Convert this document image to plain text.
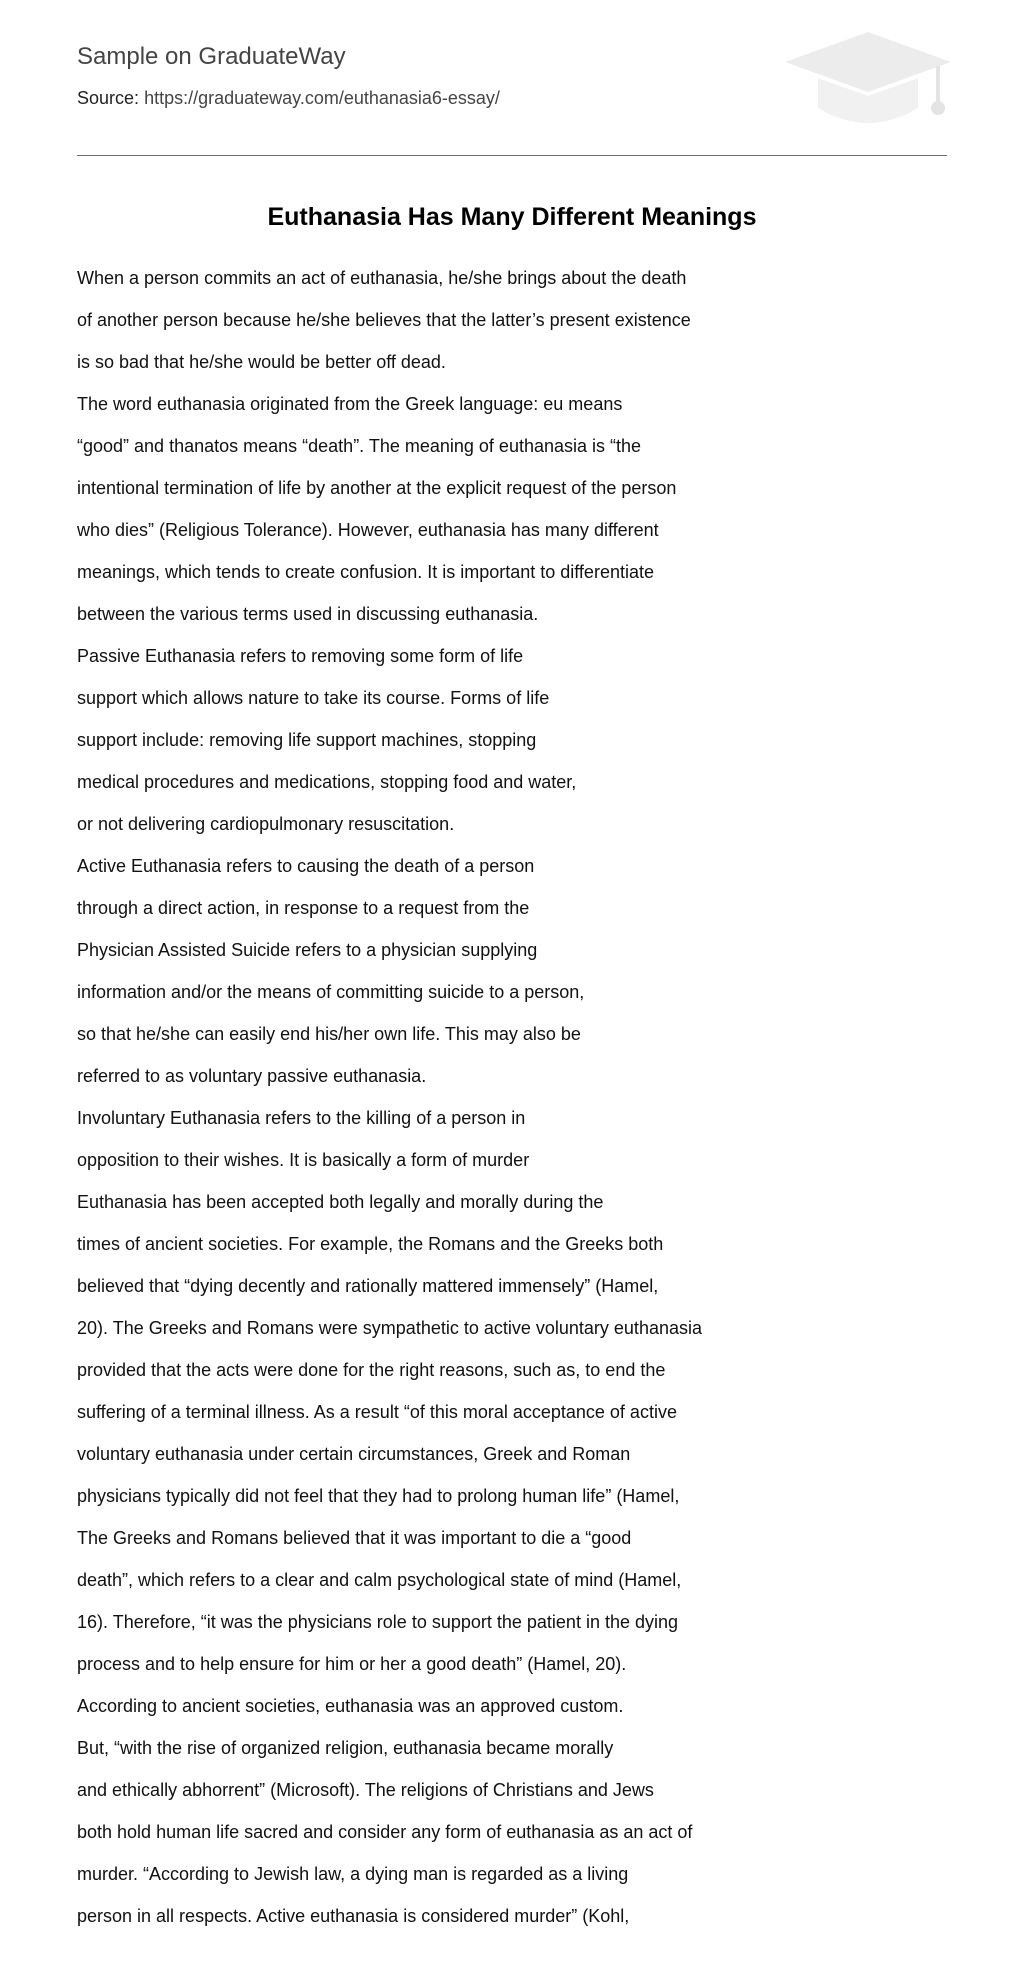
Sample on GraduateWay
Source: https://graduateway.com/euthanasia6-essay/
Euthanasia Has Many Different Meanings
When a person commits an act of euthanasia, he/she brings about the death
of another person because he/she believes that the latter’s present existence
is so bad that he/she would be better off dead.
The word euthanasia originated from the Greek language: eu means
“good” and thanatos means “death”. The meaning of euthanasia is “the
intentional termination of life by another at the explicit request of the person
who dies” (Religious Tolerance). However, euthanasia has many different
meanings, which tends to create confusion. It is important to differentiate
between the various terms used in discussing euthanasia.
Passive Euthanasia refers to removing some form of life
support which allows nature to take its course. Forms of life
support include: removing life support machines, stopping
medical procedures and medications, stopping food and water,
or not delivering cardiopulmonary resuscitation.
Active Euthanasia refers to causing the death of a person
through a direct action, in response to a request from the
Physician Assisted Suicide refers to a physician supplying
information and/or the means of committing suicide to a person,
so that he/she can easily end his/her own life. This may also be
referred to as voluntary passive euthanasia.
Involuntary Euthanasia refers to the killing of a person in
opposition to their wishes. It is basically a form of murder
Euthanasia has been accepted both legally and morally during the
times of ancient societies. For example, the Romans and the Greeks both
believed that “dying decently and rationally mattered immensely” (Hamel,
20). The Greeks and Romans were sympathetic to active voluntary euthanasia
provided that the acts were done for the right reasons, such as, to end the
suffering of a terminal illness. As a result “of this moral acceptance of active
voluntary euthanasia under certain circumstances, Greek and Roman
physicians typically did not feel that they had to prolong human life” (Hamel,
The Greeks and Romans believed that it was important to die a “good
death”, which refers to a clear and calm psychological state of mind (Hamel,
16). Therefore, “it was the physicians role to support the patient in the dying
process and to help ensure for him or her a good death” (Hamel, 20).
According to ancient societies, euthanasia was an approved custom.
But, “with the rise of organized religion, euthanasia became morally
and ethically abhorrent” (Microsoft). The religions of Christians and Jews
both hold human life sacred and consider any form of euthanasia as an act of
murder. “According to Jewish law, a dying man is regarded as a living
person in all respects. Active euthanasia is considered murder” (Kohl,
